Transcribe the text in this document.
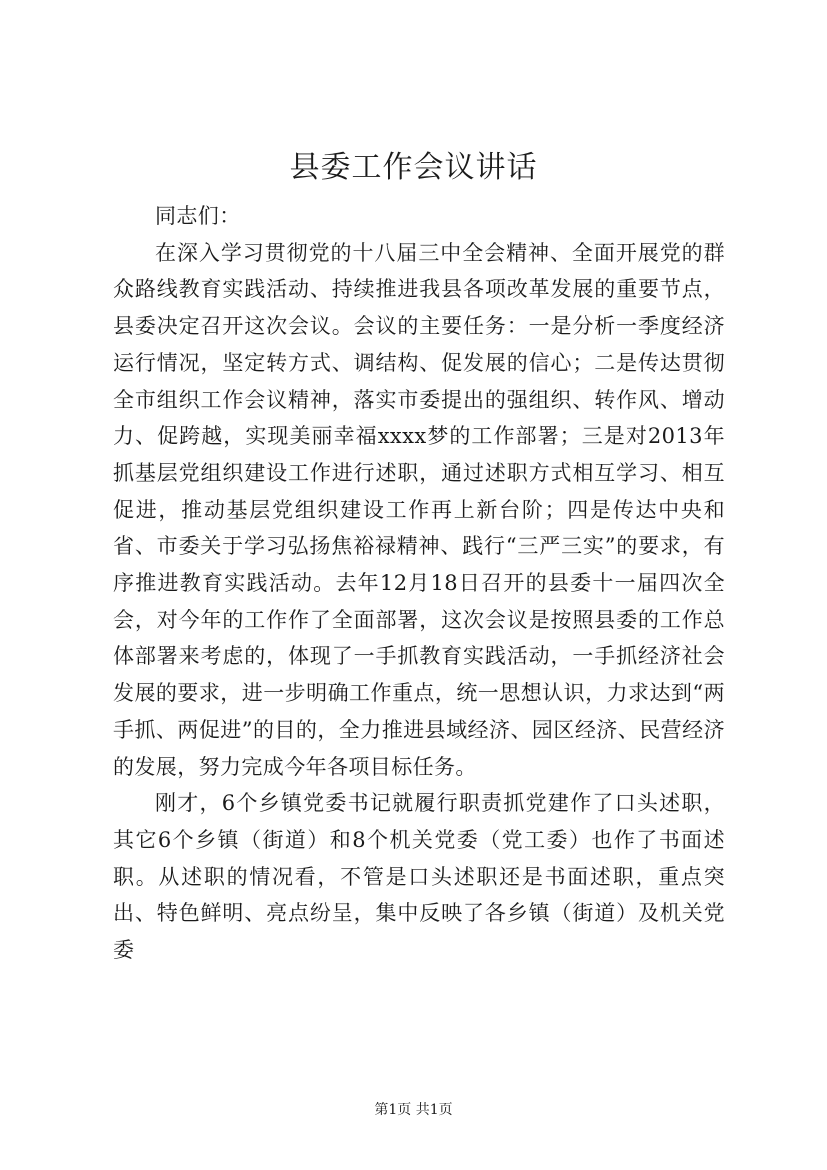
县委工作会议讲话

同志们：

在深入学习贯彻党的十八届三中全会精神、全面开展党的群众路线教育实践活动、持续推进我县各项改革发展的重要节点，县委决定召开这次会议。会议的主要任务：一是分析一季度经济运行情况，坚定转方式、调结构、促发展的信心；二是传达贯彻全市组织工作会议精神，落实市委提出的强组织、转作风、增动力、促跨越，实现美丽幸福xxxx梦的工作部署；三是对2013年抓基层党组织建设工作进行述职，通过述职方式相互学习、相互促进，推动基层党组织建设工作再上新台阶；四是传达中央和省、市委关于学习弘扬焦裕禄精神、践行“三严三实”的要求，有序推进教育实践活动。去年12月18日召开的县委十一届四次全会，对今年的工作作了全面部署，这次会议是按照县委的工作总体部署来考虑的，体现了一手抓教育实践活动，一手抓经济社会发展的要求，进一步明确工作重点，统一思想认识，力求达到“两手抓、两促进”的目的，全力推进县域经济、园区经济、民营经济的发展，努力完成今年各项目标任务。

刚才，6个乡镇党委书记就履行职责抓党建作了口头述职，其它6个乡镇（街道）和8个机关党委（党工委）也作了书面述职。从述职的情况看，不管是口头述职还是书面述职，重点突出、特色鲜明、亮点纷呈，集中反映了各乡镇（街道）及机关党委

第1页 共1页
